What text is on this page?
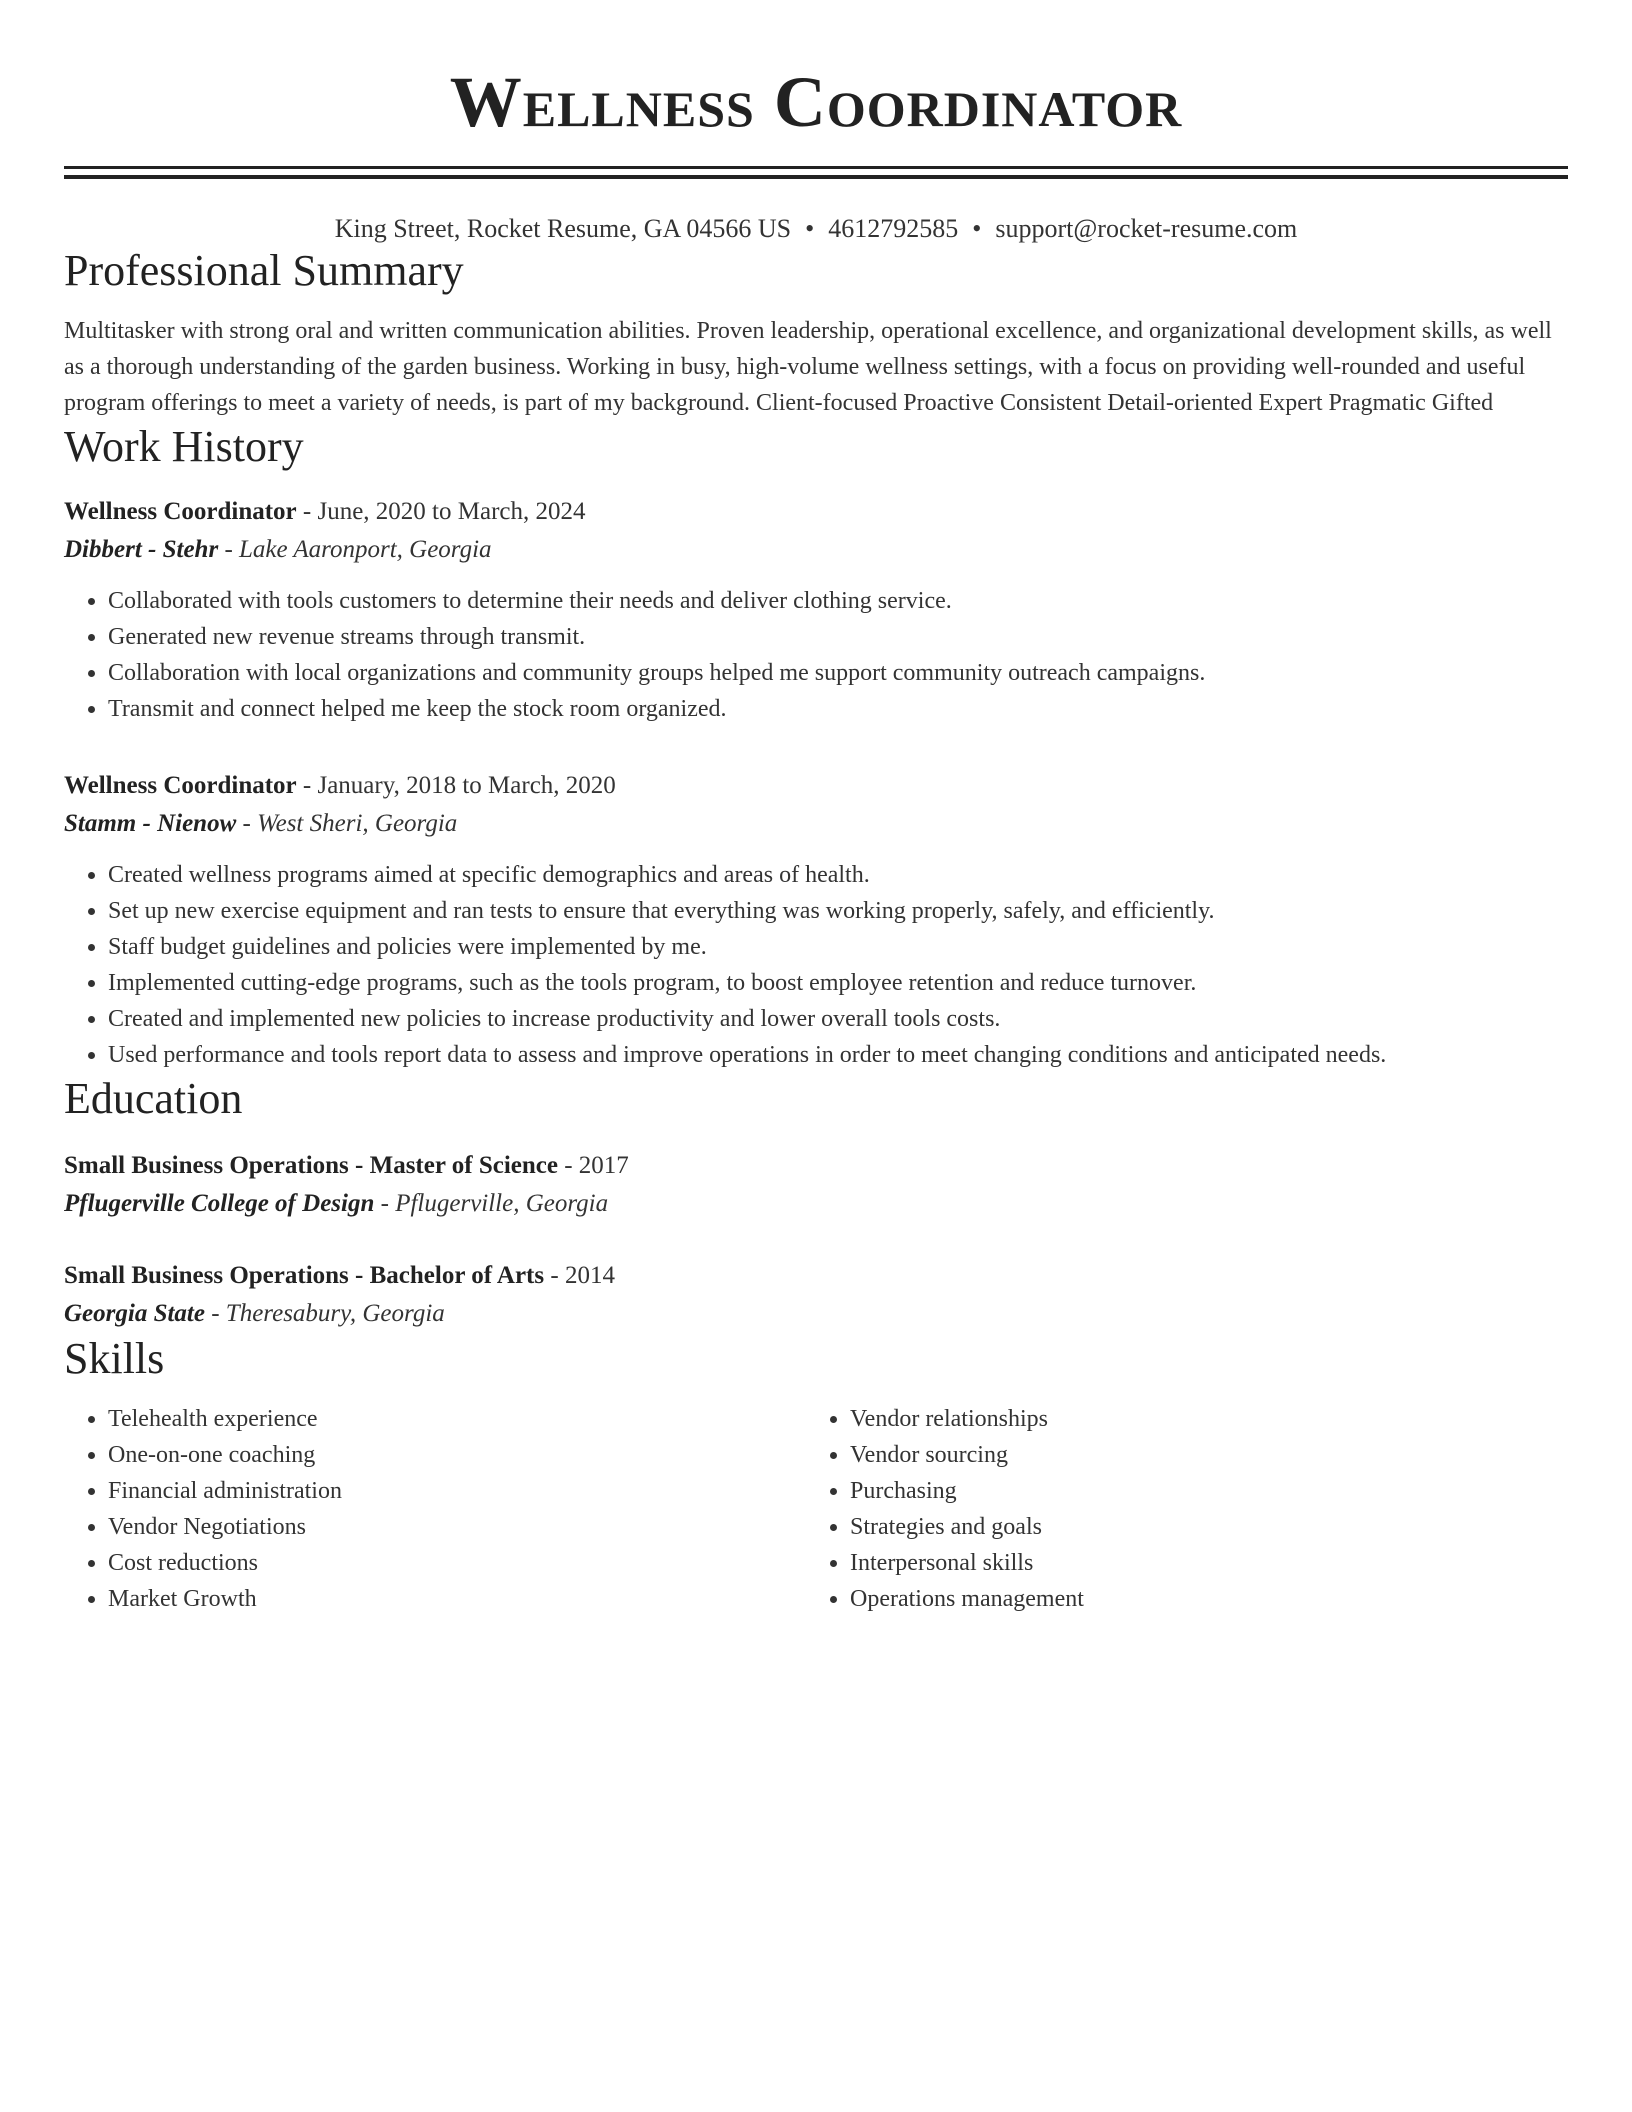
Wellness Coordinator
King Street, Rocket Resume, GA 04566 US • 4612792585 • support@rocket-resume.com
Professional Summary
Multitasker with strong oral and written communication abilities. Proven leadership, operational excellence, and organizational development skills, as well as a thorough understanding of the garden business. Working in busy, high-volume wellness settings, with a focus on providing well-rounded and useful program offerings to meet a variety of needs, is part of my background. Client-focused Proactive Consistent Detail-oriented Expert Pragmatic Gifted
Work History
Wellness Coordinator - June, 2020 to March, 2024
Dibbert - Stehr - Lake Aaronport, Georgia
• Collaborated with tools customers to determine their needs and deliver clothing service.
• Generated new revenue streams through transmit.
• Collaboration with local organizations and community groups helped me support community outreach campaigns.
• Transmit and connect helped me keep the stock room organized.
Wellness Coordinator - January, 2018 to March, 2020
Stamm - Nienow - West Sheri, Georgia
• Created wellness programs aimed at specific demographics and areas of health.
• Set up new exercise equipment and ran tests to ensure that everything was working properly, safely, and efficiently.
• Staff budget guidelines and policies were implemented by me.
• Implemented cutting-edge programs, such as the tools program, to boost employee retention and reduce turnover.
• Created and implemented new policies to increase productivity and lower overall tools costs.
• Used performance and tools report data to assess and improve operations in order to meet changing conditions and anticipated needs.
Education
Small Business Operations - Master of Science - 2017
Pflugerville College of Design - Pflugerville, Georgia
Small Business Operations - Bachelor of Arts - 2014
Georgia State - Theresabury, Georgia
Skills
• Telehealth experience
• One-on-one coaching
• Financial administration
• Vendor Negotiations
• Cost reductions
• Market Growth
• Vendor relationships
• Vendor sourcing
• Purchasing
• Strategies and goals
• Interpersonal skills
• Operations management
